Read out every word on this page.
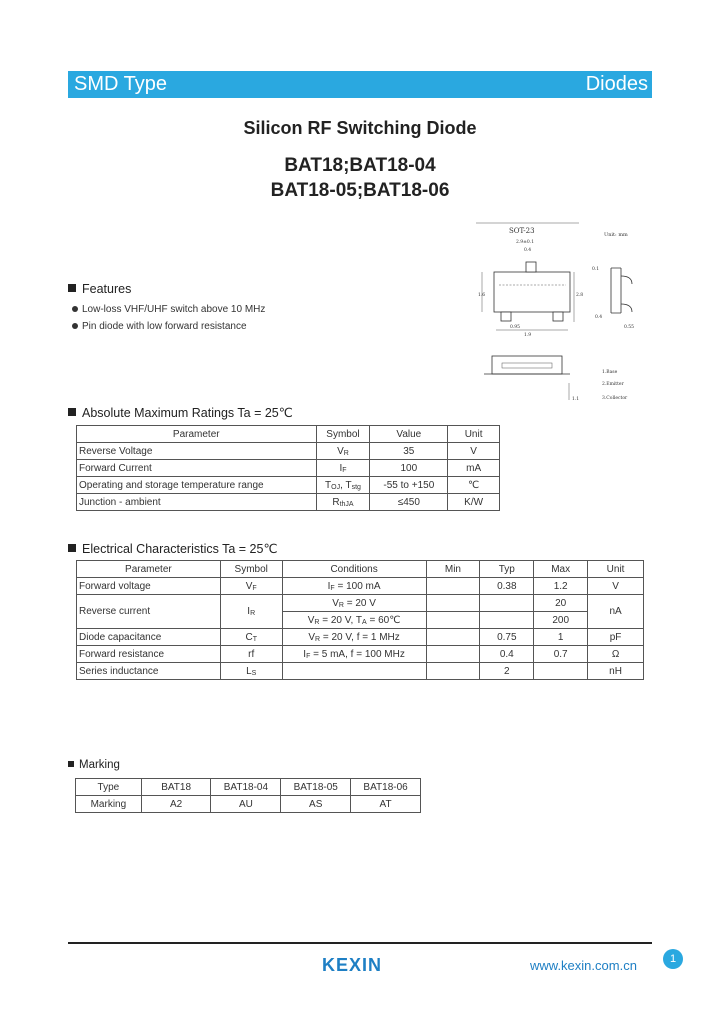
SMD Type	Diodes
Silicon RF Switching Diode
BAT18;BAT18-04
BAT18-05;BAT18-06
SOT-23	Unit: mm
2.9±0.1
0.4
1.6	2.8
0.95
1.9
0.1
0.55
0.4
1.1
1.Base
2.Emitter
3.Collector
Features
Low-loss VHF/UHF switch above 10 MHz
Pin diode with low forward resistance
Absolute Maximum Ratings Ta = 25℃
Parameter	Symbol	Value	Unit
Reverse Voltage	$V_R$	35	V
Forward Current	$I_F$	100	mA
Operating and storage temperature range	$T_{OJ}$, $T_{stg}$	-55 to +150	℃
Junction - ambient	$R_{thJA}$	≤450	K/W
Electrical Characteristics Ta = 25℃
Parameter	Symbol	Conditions	Min	Typ	Max	Unit
Forward voltage	$V_F$	$I_F = 100$ mA		0.38	1.2	V
Reverse current	$I_R$	$V_R = 20$ V			20	nA
		$V_R = 20$ V, $T_A$ = 60℃			200	
Diode capacitance	$C_T$	$V_R = 20$ V, f = 1 MHz		0.75	1	pF
Forward resistance	rf	$I_F = 5$ mA, f = 100 MHz		0.4	0.7	Ω
Series inductance	$L_S$			2		nH
Marking
Type	BAT18	BAT18-04	BAT18-05	BAT18-06
Marking	A2	AU	AS	AT
KEXIN	www.kexin.com.cn	1
